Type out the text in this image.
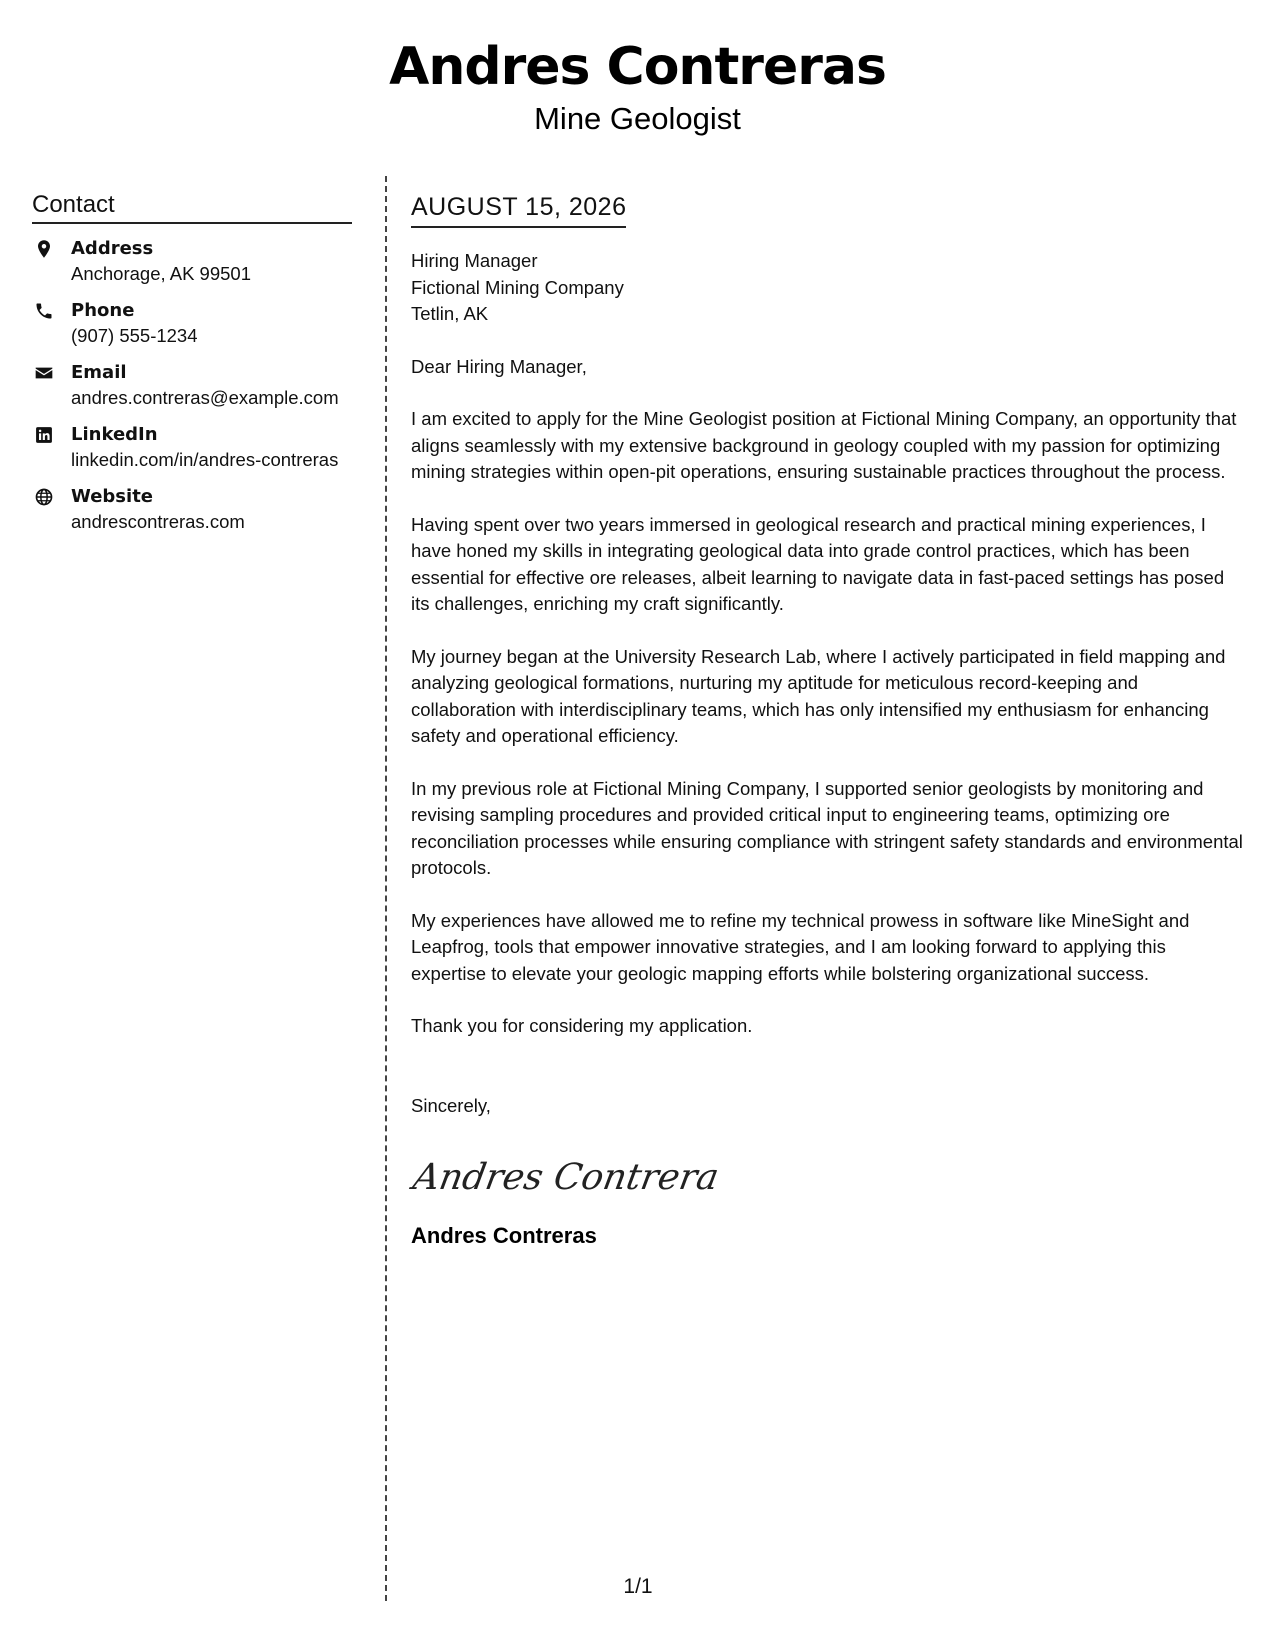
Andres Contreras
Mine Geologist
Contact
Address
Anchorage, AK 99501
Phone
(907) 555-1234
Email
andres.contreras@example.com
LinkedIn
linkedin.com/in/andres-contreras
Website
andrescontreras.com
AUGUST 15, 2026
Hiring Manager
Fictional Mining Company
Tetlin, AK
Dear Hiring Manager,

I am excited to apply for the Mine Geologist position at Fictional Mining Company, an opportunity that aligns seamlessly with my extensive background in geology coupled with my passion for optimizing mining strategies within open-pit operations, ensuring sustainable practices throughout the process.

Having spent over two years immersed in geological research and practical mining experiences, I have honed my skills in integrating geological data into grade control practices, which has been essential for effective ore releases, albeit learning to navigate data in fast-paced settings has posed its challenges, enriching my craft significantly.

My journey began at the University Research Lab, where I actively participated in field mapping and analyzing geological formations, nurturing my aptitude for meticulous record-keeping and collaboration with interdisciplinary teams, which has only intensified my enthusiasm for enhancing safety and operational efficiency.

In my previous role at Fictional Mining Company, I supported senior geologists by monitoring and revising sampling procedures and provided critical input to engineering teams, optimizing ore reconciliation processes while ensuring compliance with stringent safety standards and environmental protocols.

My experiences have allowed me to refine my technical prowess in software like MineSight and Leapfrog, tools that empower innovative strategies, and I am looking forward to applying this expertise to elevate your geologic mapping efforts while bolstering organizational success.

Thank you for considering my application.

Sincerely,
Andres Contrera
Andres Contreras
1/1
